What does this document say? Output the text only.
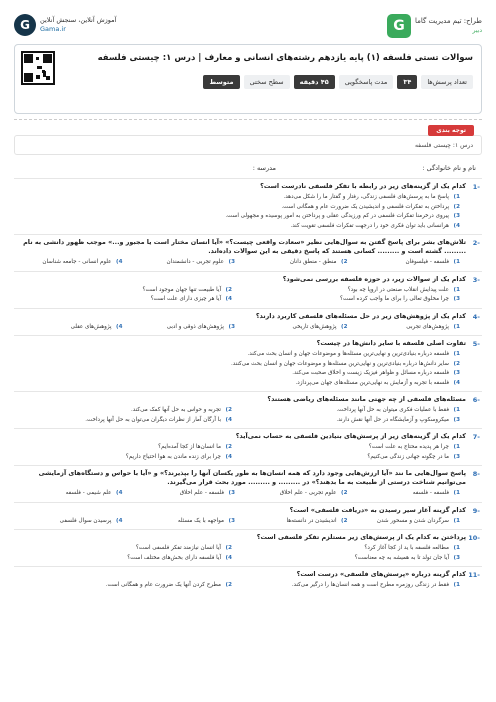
طراح: تیم مدیریت گاما
دبیر
G
G	آموزش آنلاین، سنجش آنلاین
Gama.ir
سوالات تستی فلسفه (۱) پایه یازدهم رشته‌های انسانی و معارف | درس ۱: چیستی فلسفه
تعداد پرسش‌ها
۳۴
مدت پاسخگویی
۴۵ دقیقه
سطح سختی
متوسط
درس ۱: چیستی فلسفه
توجه بندی
نام و نام خانوادگی :
مدرسه :
1-
کدام یک از گزینه‌های زیر در رابطه با تفکر فلسفی نادرست است؟
‎1)
پاسخ ما به پرسش‌های فلسفی زندگی، رفتار و گفتار ما را شکل می‌دهد.
‎2)
پرداختن به تفکرات فلسفی و اندیشیدن یک ضرورت عام و همگانی است.
‎3)
پیروی درخرمنا تفکرات فلسفی در کم ورزیدگی عقلی و پرداختن به امور پوسیده و مجهولی است.
‎4)
هرانسانی باید توان فکری خود را درجهت تفکرات فلسفی تقویت کند.
2-
تلاش‌های بشر برای پاسخ گفتن به سوال‌هایی نظیر «سعادت واقعی چیست؟» «آیا انسان مختار است یا مجبور و...» موجب ظهور دانشی به نام ......... گشته است و ......... کسانی هستند که پاسخ دقیقی به این سوالات داده‌اند.
‎1)
فلسفه - فیلسوفان
‎2)
منطق - منطق دانان
‎3)
علوم تجربی - دانشمندان
‎4)
علوم انسانی - جامعه شناسان
3-
کدام یک از سوالات زیر، در حوزه فلسفه بررسی نمی‌شود؟
‎1)
علت پیدایش انقلاب صنعتی در اروپا چه بود؟
‎2)
آیا طبیعت تنها جهان موجود است؟
‎3)
چرا مخلوق تعالی را برای ما واجب کرده است؟
‎4)
آیا هر چیزی دارای علت است؟
4-
کدام یک از پژوهش‌های زیر در حل مسئله‌های فلسفی کاربرد دارند؟
‎1)
پژوهش‌های تجربی
‎2)
پژوهش‌های تاریخی
‎3)
پژوهش‌های ذوقی و ادبی
‎4)
پژوهش‌های عقلی
5-
تفاوت اصلی فلسفه با سایر دانش‌ها در چیست؟
‎1)
فلسفه درباره بنیادی‌ترین و نهایی‌ترین مسئله‌ها و موضوعات جهان و انسان بحث می‌کند.
‎2)
سایر دانش‌ها درباره بنیادی‌ترین و نهایی‌ترین مسئله‌ها و موضوعات جهان و انسان بحث می‌کنند.
‎3)
فلسفه درباره مسائل و ظواهر فیزیک زیست و اخلاق صحبت می‌کند.
‎4)
فلسفه با تجربه و آزمایش به نهایی‌ترین مسئله‌های جهان می‌پردازد.
6-
مسئله‌های فلسفی از چه جهتی مانند مسئله‌های ریاضی هستند؟
‎1)
فقط با عملیات فکری میتوان به حل آنها پرداخت.
‎2)
تجربه و حواس به حل آنها کمک می‌کند.
‎3)
میکروسکوپ و آزمایشگاه در حل آنها نقش دارند.
‎4)
با آرگان آمار از نظرات دیگران می‌توان به حل آنها پرداخت.
7-
کدام یک از گزینه‌های زیر از پرسش‌های بنیادین فلسفی به حساب نمی‌آید؟
‎1)
چرا هر پدیده محتاج به علت است؟
‎2)
ما انسان‌ها از کجا آمده‌ایم؟
‎3)
ما در چگونه جهانی زندگی می‌کنیم؟
‎4)
چرا برای زنده ماندن به هوا احتیاج داریم؟
8-
پاسخ سوال‌هایی ما نند «آیا ارزش‌هایی وجود دارد که همه انسان‌ها به طور یکسان آنها را بپذیرند؟» و «آیا با حواس و دستگاه‌های آزمایشی می‌توانیم شناخت درستی از طبیعت به ما بدهند؟» در ......... و ......... مورد بحث قرار می‌گیرند.
‎1)
فلسفه - فلسفه
‎2)
علوم تجربی - علم اخلاق
‎3)
فلسفه - علم اخلاق
‎4)
علم شیمی - فلسفه
9-
کدام گزینه آغاز سیر رسیدن به «دریافت فلسفی» است؟
‎1)
سرگردان شدن و مسحور شدن
‎2)
اندیشیدن در دانسته‌ها
‎3)
مواجهه با یک مسئله
‎4)
پرسیدن سوال فلسفی
10-
پرداختن به کدام یک از پرسش‌های زیر مستلزم تفکر فلسفی است؟
‎1)
مطالعه فلسفه با ید از کجا آغاز کرد؟
‎2)
آیا انسان نیازمند تفکر فلسفی است؟
‎3)
آیا جان تولد تا به همیشه به چه معناست؟
‎4)
آیا فلسفه دارای بخش‌های مختلف است؟
11-
کدام گزینه درباره «پرسش‌های فلسفی» درست است؟
‎1)
فقط در زندگی روزمره مطرح است و همه انسان‌ها را درگیر می‌کند.
‎2)
مطرح کردن آنها یک ضرورت عام و همگانی است.
